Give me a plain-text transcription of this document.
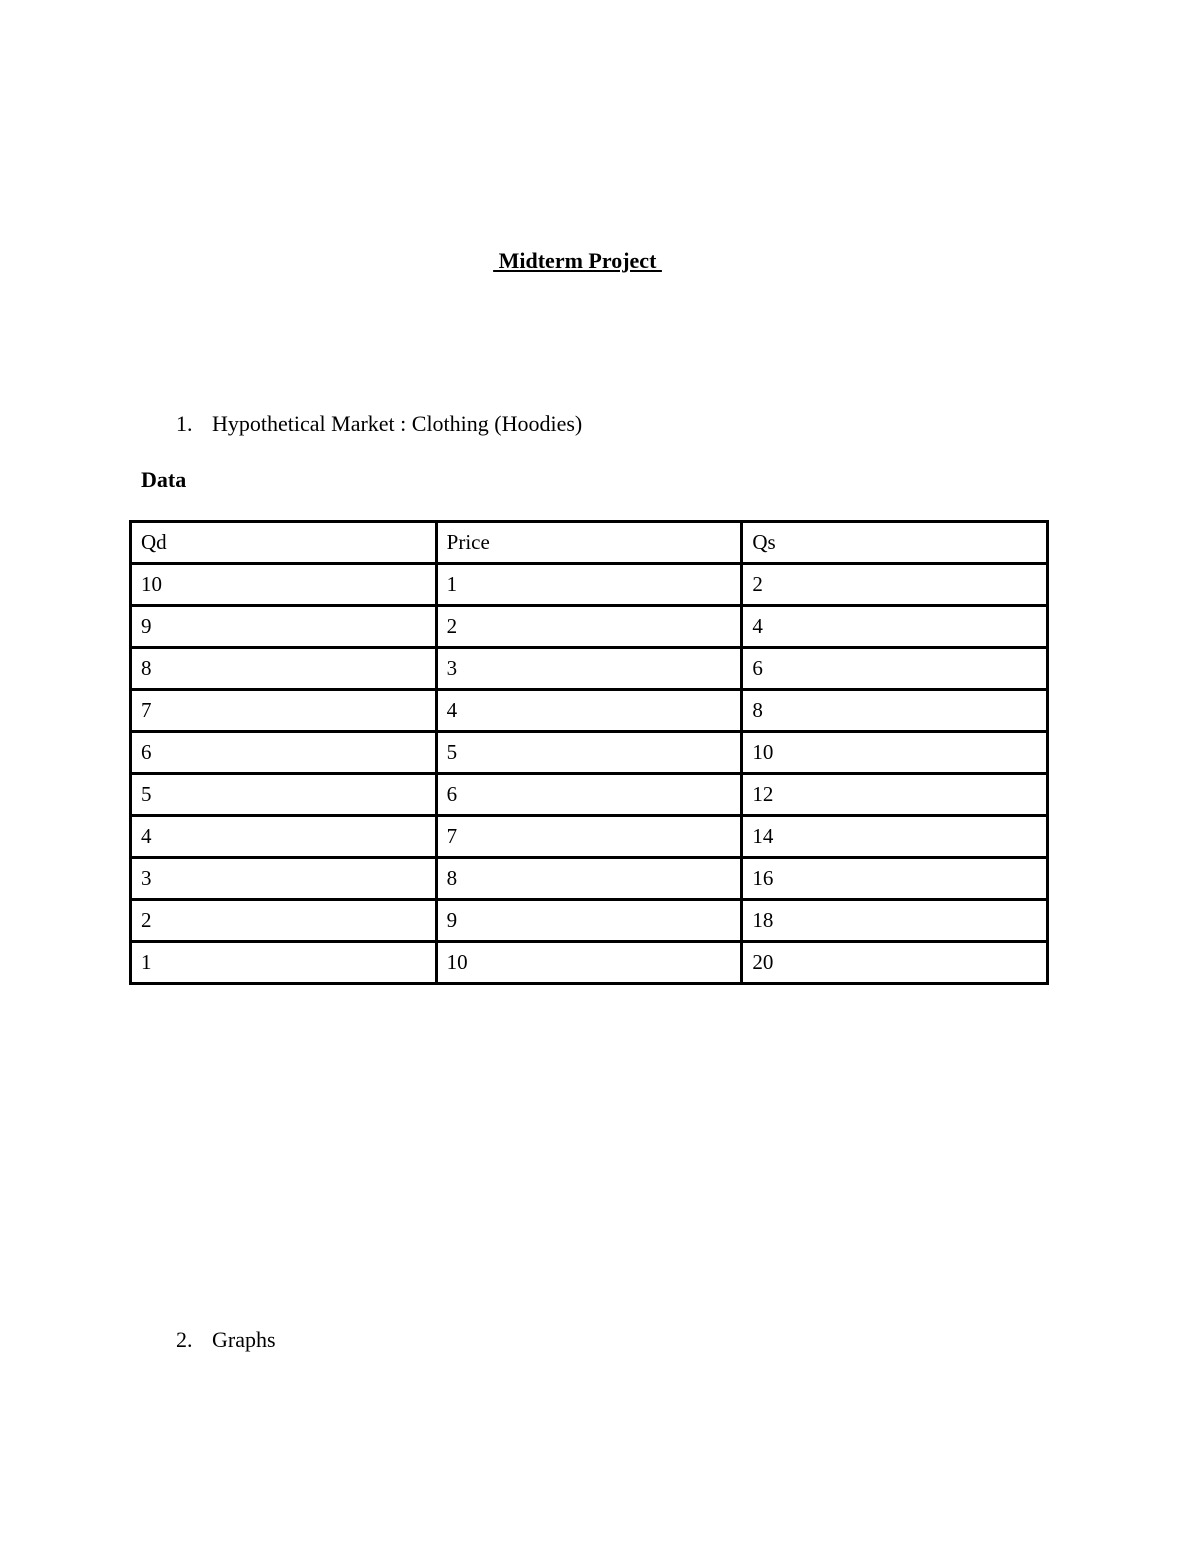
Midterm Project
1. Hypothetical Market : Clothing (Hoodies)
Data
Qd	Price	Qs
10	1	2
9	2	4
8	3	6
7	4	8
6	5	10
5	6	12
4	7	14
3	8	16
2	9	18
1	10	20
2. Graphs
